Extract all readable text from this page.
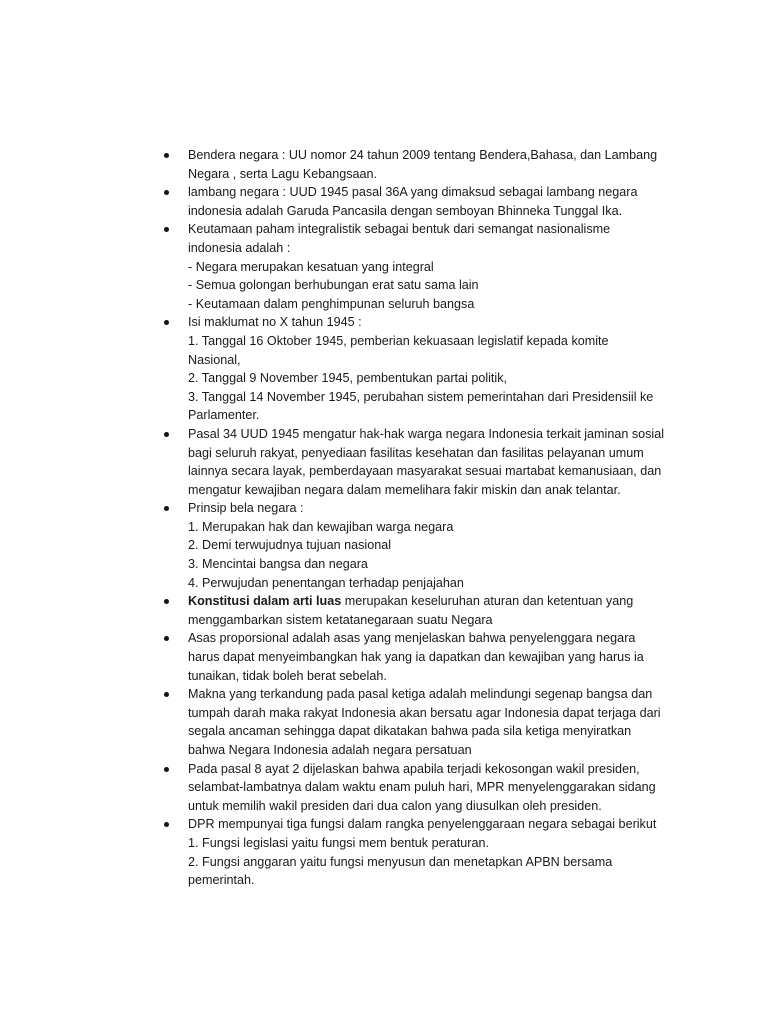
Bendera negara : UU nomor 24 tahun 2009 tentang Bendera,Bahasa, dan Lambang
Negara , serta Lagu Kebangsaan.
lambang negara : UUD 1945 pasal 36A yang dimaksud sebagai lambang negara
indonesia adalah Garuda Pancasila dengan semboyan Bhinneka Tunggal Ika.
Keutamaan paham integralistik sebagai bentuk dari semangat nasionalisme
indonesia adalah :
- Negara merupakan kesatuan yang integral
- Semua golongan berhubungan erat satu sama lain
- Keutamaan dalam penghimpunan seluruh bangsa
Isi maklumat no X tahun 1945 :
1. Tanggal 16 Oktober 1945, pemberian kekuasaan legislatif kepada komite
Nasional,
2. Tanggal 9 November 1945, pembentukan partai politik,
3. Tanggal 14 November 1945, perubahan sistem pemerintahan dari Presidensiil ke
Parlamenter.
Pasal 34 UUD 1945 mengatur hak-hak warga negara Indonesia terkait jaminan sosial
bagi seluruh rakyat, penyediaan fasilitas kesehatan dan fasilitas pelayanan umum
lainnya secara layak, pemberdayaan masyarakat sesuai martabat kemanusiaan, dan
mengatur kewajiban negara dalam memelihara fakir miskin dan anak telantar.
Prinsip bela negara :
1. Merupakan hak dan kewajiban warga negara
2. Demi terwujudnya tujuan nasional
3. Mencintai bangsa dan negara
4. Perwujudan penentangan terhadap penjajahan
Konstitusi dalam arti luas merupakan keseluruhan aturan dan ketentuan yang
menggambarkan sistem ketatanegaraan suatu Negara
Asas proporsional adalah asas yang menjelaskan bahwa penyelenggara negara
harus dapat menyeimbangkan hak yang ia dapatkan dan kewajiban yang harus ia
tunaikan, tidak boleh berat sebelah.
Makna yang terkandung pada pasal ketiga adalah melindungi segenap bangsa dan
tumpah darah maka rakyat Indonesia akan bersatu agar Indonesia dapat terjaga dari
segala ancaman sehingga dapat dikatakan bahwa pada sila ketiga menyiratkan
bahwa Negara Indonesia adalah negara persatuan
Pada pasal 8 ayat 2 dijelaskan bahwa apabila terjadi kekosongan wakil presiden,
selambat-lambatnya dalam waktu enam puluh hari, MPR menyelenggarakan sidang
untuk memilih wakil presiden dari dua calon yang diusulkan oleh presiden.
DPR mempunyai tiga fungsi dalam rangka penyelenggaraan negara sebagai berikut
1. Fungsi legislasi yaitu fungsi mem bentuk peraturan.
2. Fungsi anggaran yaitu fungsi menyusun dan menetapkan APBN bersama
pemerintah.
